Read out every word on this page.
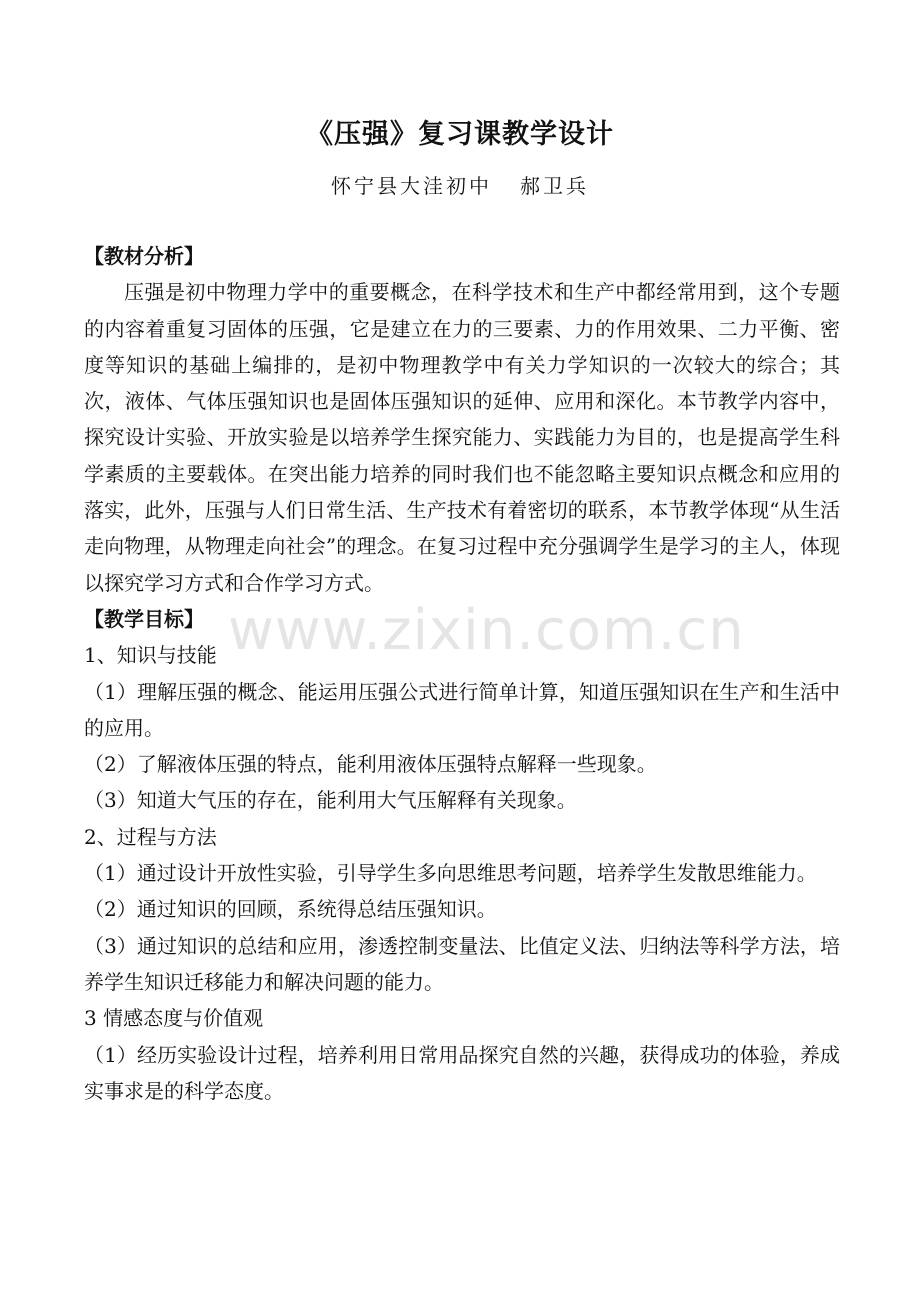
《压强》复习课教学设计
怀宁县大洼初中   郝卫兵

【教材分析】

压强是初中物理力学中的重要概念，在科学技术和生产中都经常用到，这个专题的内容着重复习固体的压强，它是建立在力的三要素、力的作用效果、二力平衡、密度等知识的基础上编排的，是初中物理教学中有关力学知识的一次较大的综合；其次，液体、气体压强知识也是固体压强知识的延伸、应用和深化。本节教学内容中，探究设计实验、开放实验是以培养学生探究能力、实践能力为目的，也是提高学生科学素质的主要载体。在突出能力培养的同时我们也不能忽略主要知识点概念和应用的落实，此外，压强与人们日常生活、生产技术有着密切的联系，本节教学体现“从生活走向物理，从物理走向社会”的理念。在复习过程中充分强调学生是学习的主人，体现以探究学习方式和合作学习方式。

【教学目标】

1、知识与技能

（1）理解压强的概念、能运用压强公式进行简单计算，知道压强知识在生产和生活中的应用。

（2）了解液体压强的特点，能利用液体压强特点解释一些现象。

（3）知道大气压的存在，能利用大气压解释有关现象。

2、过程与方法

（1）通过设计开放性实验，引导学生多向思维思考问题，培养学生发散思维能力。

（2）通过知识的回顾，系统得总结压强知识。

（3）通过知识的总结和应用，渗透控制变量法、比值定义法、归纳法等科学方法，培养学生知识迁移能力和解决问题的能力。

3 情感态度与价值观

（1）经历实验设计过程，培养利用日常用品探究自然的兴趣，获得成功的体验，养成实事求是的科学态度。

www.zixin.com.cn
